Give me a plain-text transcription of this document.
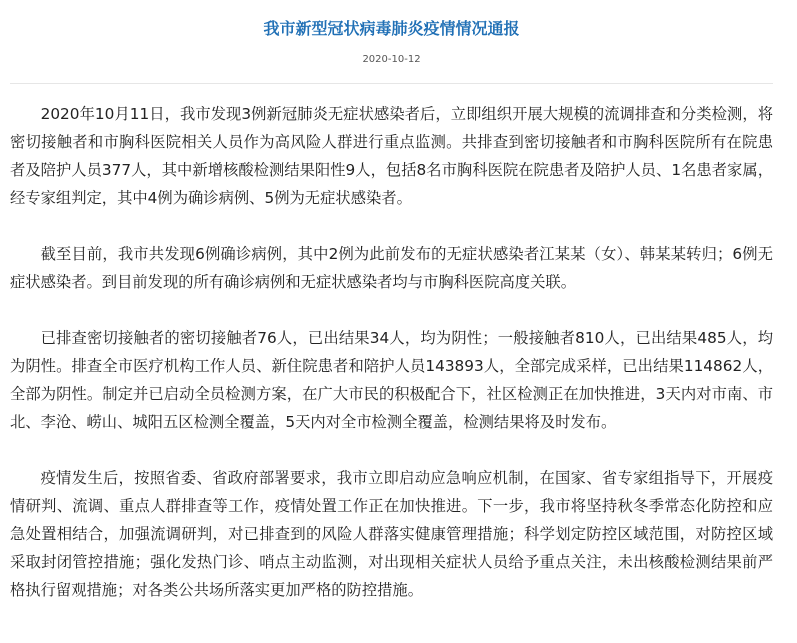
我市新型冠状病毒肺炎疫情情况通报
2020-10-12

2020年10月11日，我市发现3例新冠肺炎无症状感染者后，立即组织开展大规模的流调排查和分类检测，将密切接触者和市胸科医院相关人员作为高风险人群进行重点监测。共排查到密切接触者和市胸科医院所有在院患者及陪护人员377人，其中新增核酸检测结果阳性9人，包括8名市胸科医院在院患者及陪护人员、1名患者家属，经专家组判定，其中4例为确诊病例、5例为无症状感染者。

截至目前，我市共发现6例确诊病例，其中2例为此前发布的无症状感染者江某某（女）、韩某某转归；6例无症状感染者。到目前发现的所有确诊病例和无症状感染者均与市胸科医院高度关联。

已排查密切接触者的密切接触者76人，已出结果34人，均为阴性；一般接触者810人，已出结果485人，均为阴性。排查全市医疗机构工作人员、新住院患者和陪护人员143893人，全部完成采样，已出结果114862人，全部为阴性。制定并已启动全员检测方案，在广大市民的积极配合下，社区检测正在加快推进，3天内对市南、市北、李沧、崂山、城阳五区检测全覆盖，5天内对全市检测全覆盖，检测结果将及时发布。

疫情发生后，按照省委、省政府部署要求，我市立即启动应急响应机制，在国家、省专家组指导下，开展疫情研判、流调、重点人群排查等工作，疫情处置工作正在加快推进。下一步，我市将坚持秋冬季常态化防控和应急处置相结合，加强流调研判，对已排查到的风险人群落实健康管理措施；科学划定防控区域范围，对防控区域采取封闭管控措施；强化发热门诊、哨点主动监测，对出现相关症状人员给予重点关注，未出核酸检测结果前严格执行留观措施；对各类公共场所落实更加严格的防控措施。
